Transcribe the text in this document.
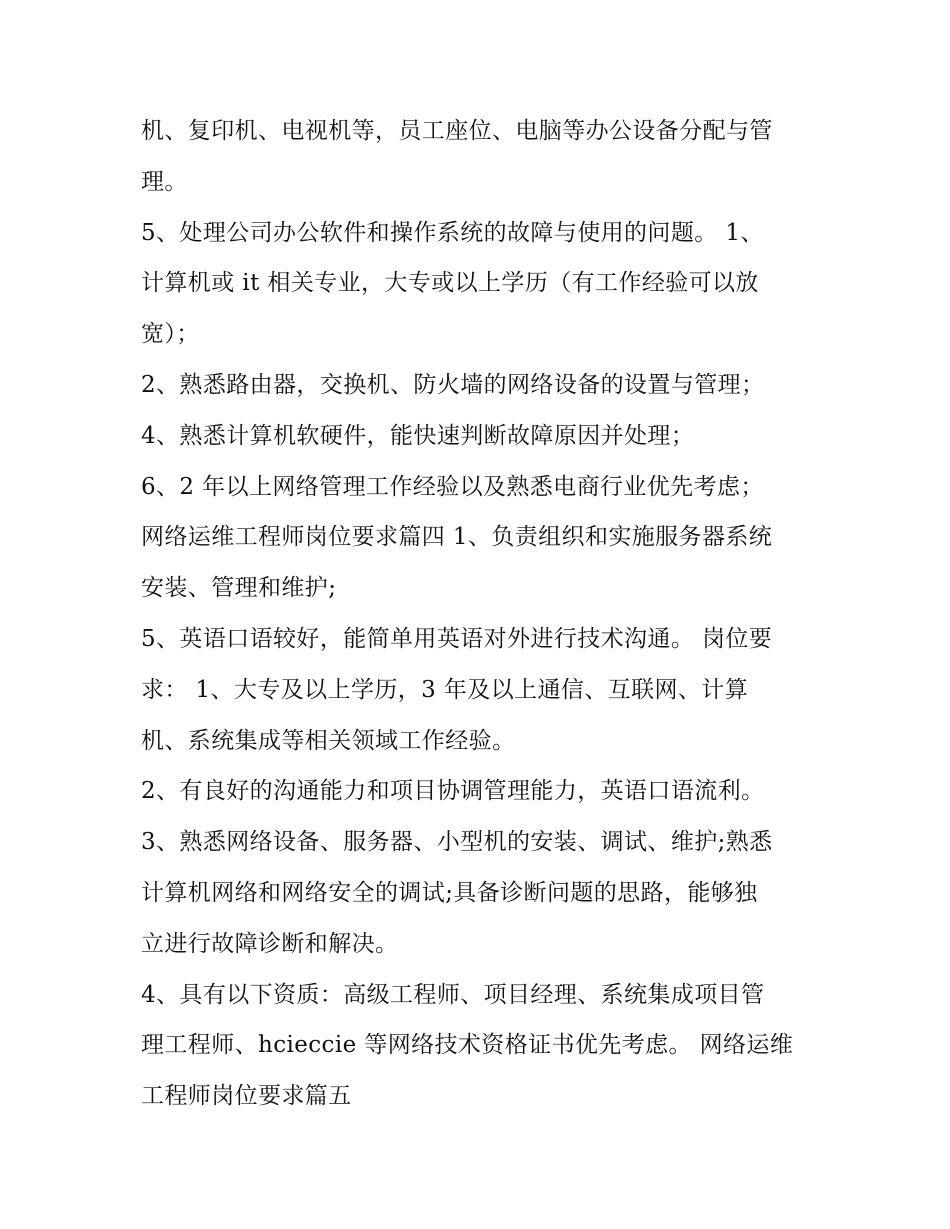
机、复印机、电视机等，员工座位、电脑等办公设备分配与管
理。
5、处理公司办公软件和操作系统的故障与使用的问题。 1、
计算机或 it 相关专业，大专或以上学历（有工作经验可以放
宽）；
2、熟悉路由器，交换机、防火墙的网络设备的设置与管理；
4、熟悉计算机软硬件，能快速判断故障原因并处理；
6、2 年以上网络管理工作经验以及熟悉电商行业优先考虑；
网络运维工程师岗位要求篇四 1、负责组织和实施服务器系统
安装、管理和维护;
5、英语口语较好，能简单用英语对外进行技术沟通。 岗位要
求： 1、大专及以上学历，3 年及以上通信、互联网、计算
机、系统集成等相关领域工作经验。
2、有良好的沟通能力和项目协调管理能力，英语口语流利。
3、熟悉网络设备、服务器、小型机的安装、调试、维护;熟悉
计算机网络和网络安全的调试;具备诊断问题的思路，能够独
立进行故障诊断和解决。
4、具有以下资质：高级工程师、项目经理、系统集成项目管
理工程师、hcieccie 等网络技术资格证书优先考虑。 网络运维
工程师岗位要求篇五
